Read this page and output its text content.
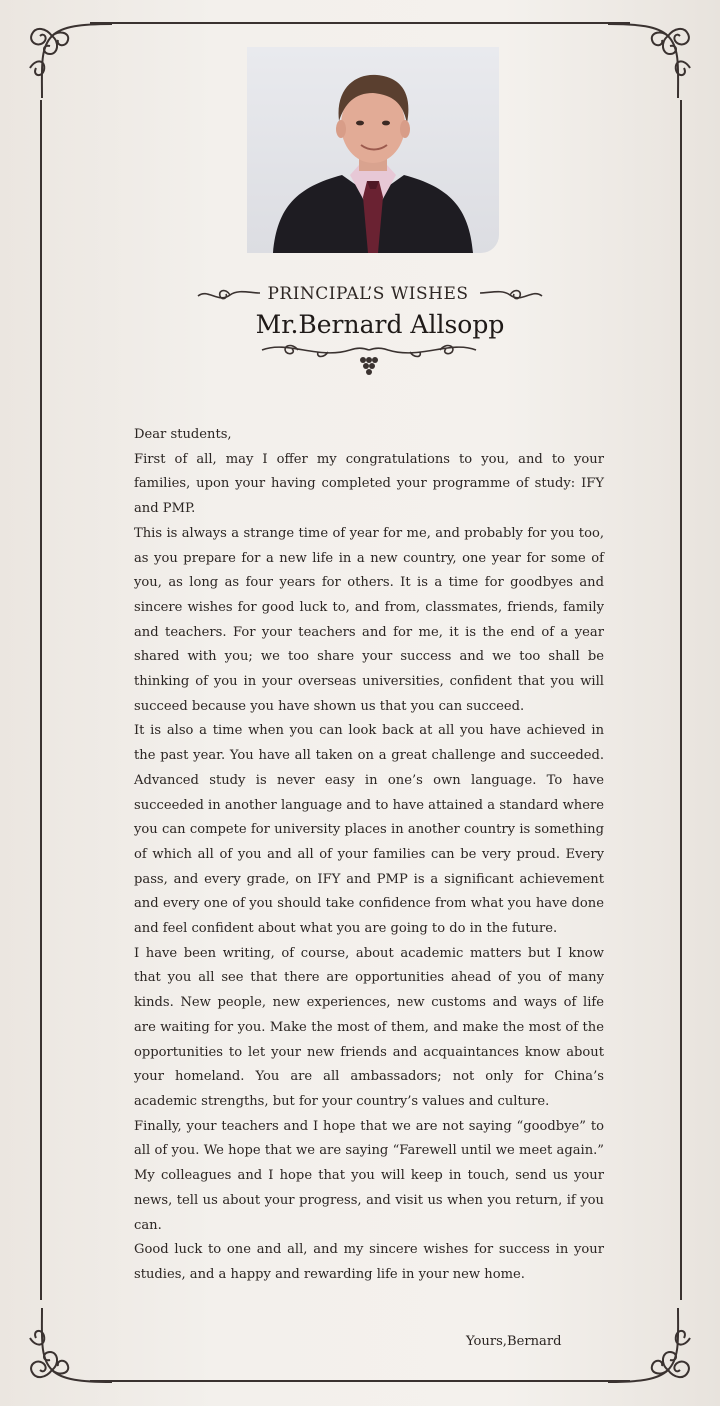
PRINCIPAL’S WISHES
Mr.Bernard Allsopp

Dear students,

First of all, may I offer my congratulations to you, and to your families, upon your having completed your programme of study: IFY and PMP.

This is always a strange time of year for me, and probably for you too, as you prepare for a new life in a new country, one year for some of you, as long as four years for others. It is a time for goodbyes and sincere wishes for good luck to, and from, classmates, friends, family and teachers. For your teachers and for me, it is the end of a year shared with you; we too share your success and we too shall be thinking of you in your overseas universities, confident that you will succeed because you have shown us that you can succeed.

It is also a time when you can look back at all you have achieved in the past year. You have all taken on a great challenge and succeeded. Advanced study is never easy in one’s own language. To have succeeded in another language and to have attained a standard where you can compete for university places in another country is something of which all of you and all of your families can be very proud. Every pass, and every grade, on IFY and PMP is a significant achievement and every one of you should take confidence from what you have done and feel confident about what you are going to do in the future.

I have been writing, of course, about academic matters but I know that you all see that there are opportunities ahead of you of many kinds. New people, new experiences, new customs and ways of life are waiting for you. Make the most of them, and make the most of the opportunities to let your new friends and acquaintances know about your homeland. You are all ambassadors; not only for China’s academic strengths, but for your country’s values and culture.

Finally, your teachers and I hope that we are not saying “goodbye” to all of you. We hope that we are saying “Farewell until we meet again.” My colleagues and I hope that you will keep in touch, send us your news, tell us about your progress, and visit us when you return, if you can.

Good luck to one and all, and my sincere wishes for success in your studies, and a happy and rewarding life in your new home.

Yours,Bernard
